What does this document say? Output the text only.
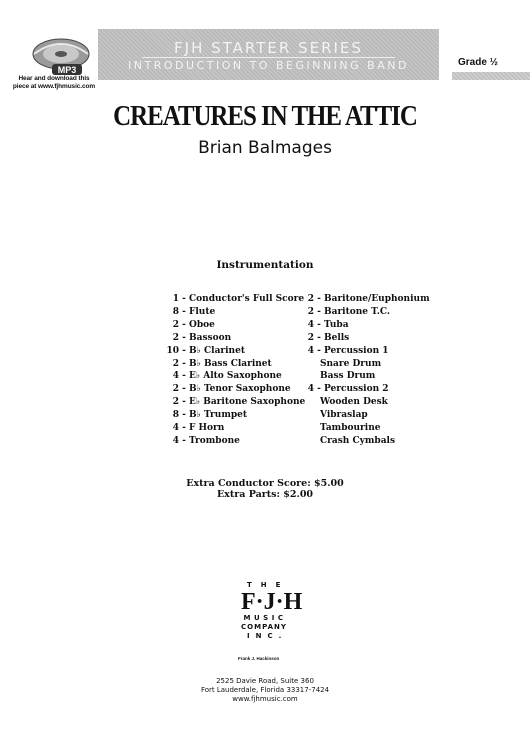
MP3
Hear and download this
piece at www.fjhmusic.com
FJH STARTER SERIES
INTRODUCTION TO BEGINNING BAND	Grade ½
CREATURES IN THE ATTIC
Brian Balmages
Instrumentation
1 - Conductor's Full Score
8 - Flute
2 - Oboe
2 - Bassoon
10 - B♭ Clarinet
2 - B♭ Bass Clarinet
4 - E♭ Alto Saxophone
2 - B♭ Tenor Saxophone
2 - E♭ Baritone Saxophone
8 - B♭ Trumpet
4 - F Horn
4 - Trombone
2 - Baritone/Euphonium
2 - Baritone T.C.
4 - Tuba
2 - Bells
4 - Percussion 1
Snare Drum
Bass Drum
4 - Percussion 2
Wooden Desk
Vibraslap
Tambourine
Crash Cymbals
Extra Conductor Score: $5.00
Extra Parts: $2.00
THE
F·J·H
MUSIC
COMPANY
INC.
Frank J. Hackinson
2525 Davie Road, Suite 360
Fort Lauderdale, Florida 33317-7424
www.fjhmusic.com
